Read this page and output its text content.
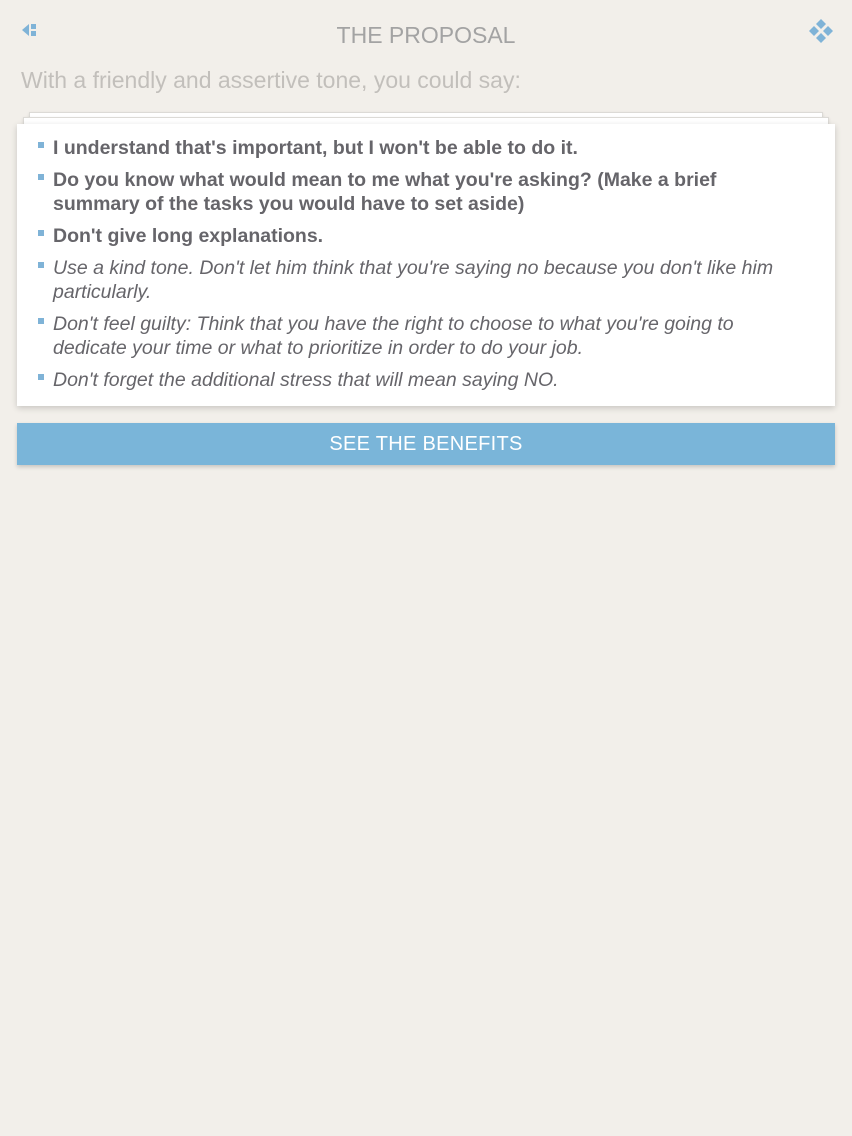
THE PROPOSAL
With a friendly and assertive tone, you could say:
I understand that's important, but I won't be able to do it.
Do you know what would mean to me what you're asking? (Make a brief summary of the tasks you would have to set aside)
Don't give long explanations.
Use a kind tone. Don't let him think that you're saying no because you don't like him particularly.
Don't feel guilty: Think that you have the right to choose to what you're going to dedicate your time or what to prioritize in order to do your job.
Don't forget the additional stress that will mean saying NO.
SEE THE BENEFITS
